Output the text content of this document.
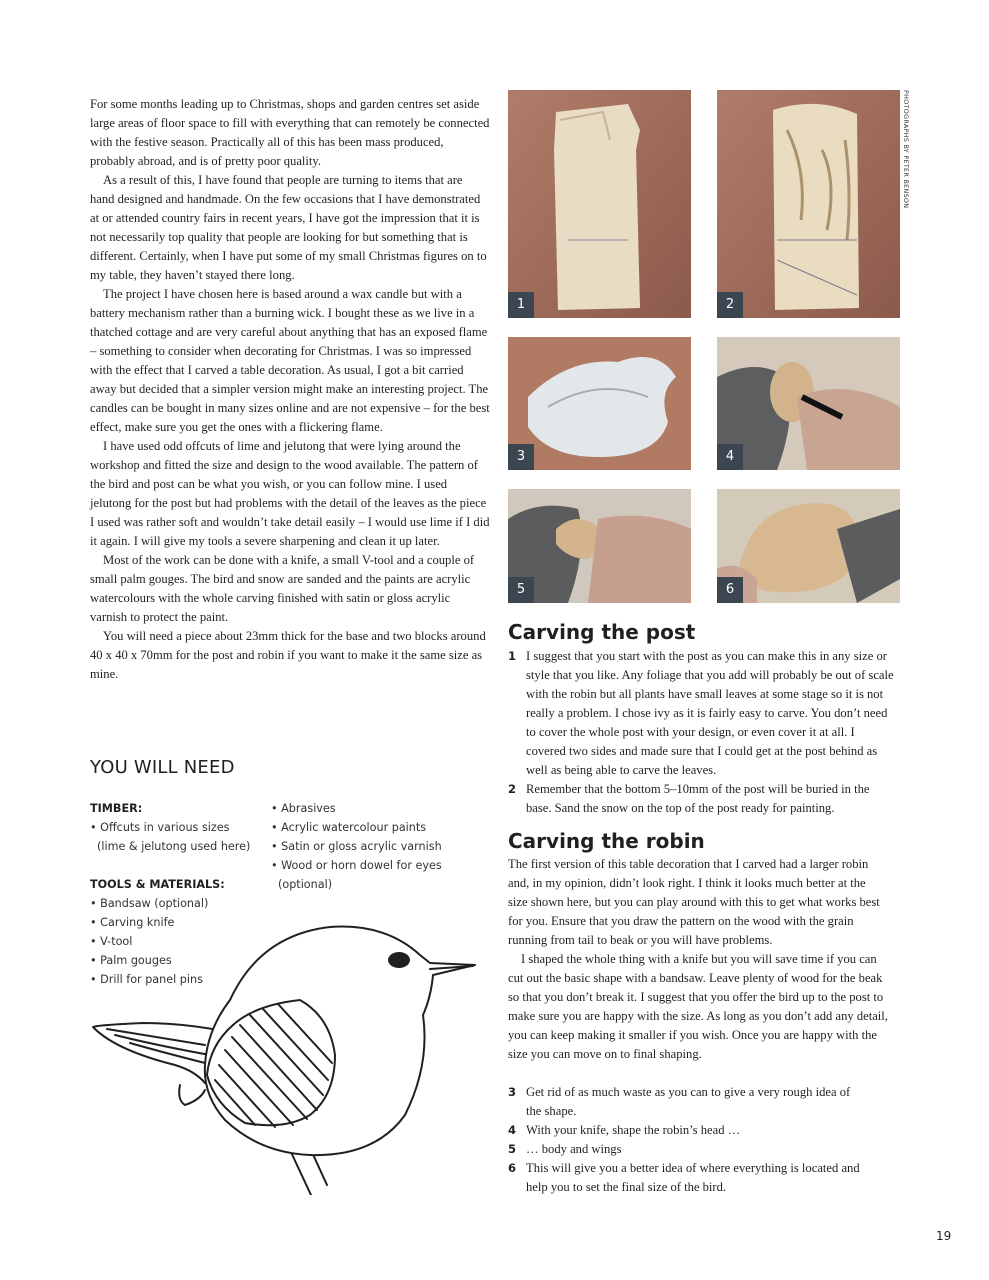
For some months leading up to Christmas, shops and garden centres set aside large areas of floor space to fill with everything that can remotely be connected with the festive season. Practically all of this has been mass produced, probably abroad, and is of pretty poor quality.

As a result of this, I have found that people are turning to items that are hand designed and handmade. On the few occasions that I have demonstrated at or attended country fairs in recent years, I have got the impression that it is not necessarily top quality that people are looking for but something that is different. Certainly, when I have put some of my small Christmas figures on to my table, they haven’t stayed there long.

The project I have chosen here is based around a wax candle but with a battery mechanism rather than a burning wick. I bought these as we live in a thatched cottage and are very careful about anything that has an exposed flame – something to consider when decorating for Christmas. I was so impressed with the effect that I carved a table decoration. As usual, I got a bit carried away but decided that a simpler version might make an interesting project. The candles can be bought in many sizes online and are not expensive – for the best effect, make sure you get the ones with a flickering flame.

I have used odd offcuts of lime and jelutong that were lying around the workshop and fitted the size and design to the wood available. The pattern of the bird and post can be what you wish, or you can follow mine. I used jelutong for the post but had problems with the detail of the leaves as the piece I used was rather soft and wouldn’t take detail easily – I would use lime if I did it again. I will give my tools a severe sharpening and clean it up later.

Most of the work can be done with a knife, a small V-tool and a couple of small palm gouges. The bird and snow are sanded and the paints are acrylic watercolours with the whole carving finished with satin or gloss acrylic varnish to protect the paint.

You will need a piece about 23mm thick for the base and two blocks around 40 x 40 x 70mm for the post and robin if you want to make it the same size as mine.

YOU WILL NEED
TIMBER:
• Offcuts in various sizes
(lime & jelutong used here)
TOOLS & MATERIALS:
• Bandsaw (optional)
• Carving knife
• V-tool
• Palm gouges
• Drill for panel pins
• Abrasives
• Acrylic watercolour paints
• Satin or gloss acrylic varnish
• Wood or horn dowel for eyes
(optional)
1	2
3	4
5	6
PHOTOGRAPHS BY PETER BENSON
Carving the post
1 I suggest that you start with the post as you can make this in any size or style that you like. Any foliage that you add will probably be out of scale with the robin but all plants have small leaves at some stage so it is not really a problem. I chose ivy as it is fairly easy to carve. You don’t need to cover the whole post with your design, or even cover it at all. I covered two sides and made sure that I could get at the post behind as well as being able to carve the leaves.
2 Remember that the bottom 5–10mm of the post will be buried in the base. Sand the snow on the top of the post ready for painting.
Carving the robin

The first version of this table decoration that I carved had a larger robin and, in my opinion, didn’t look right. I think it looks much better at the size shown here, but you can play around with this to get what works best for you. Ensure that you draw the pattern on the wood with the grain running from tail to beak or you will have problems.

I shaped the whole thing with a knife but you will save time if you can cut out the basic shape with a bandsaw. Leave plenty of wood for the beak so that you don’t break it. I suggest that you offer the bird up to the post to make sure you are happy with the size. As long as you don’t add any detail, you can keep making it smaller if you wish. Once you are happy with the size you can move on to final shaping.

3 Get rid of as much waste as you can to give a very rough idea of the shape.
4 With your knife, shape the robin’s head …
5 … body and wings
6 This will give you a better idea of where everything is located and help you to set the final size of the bird.
19
